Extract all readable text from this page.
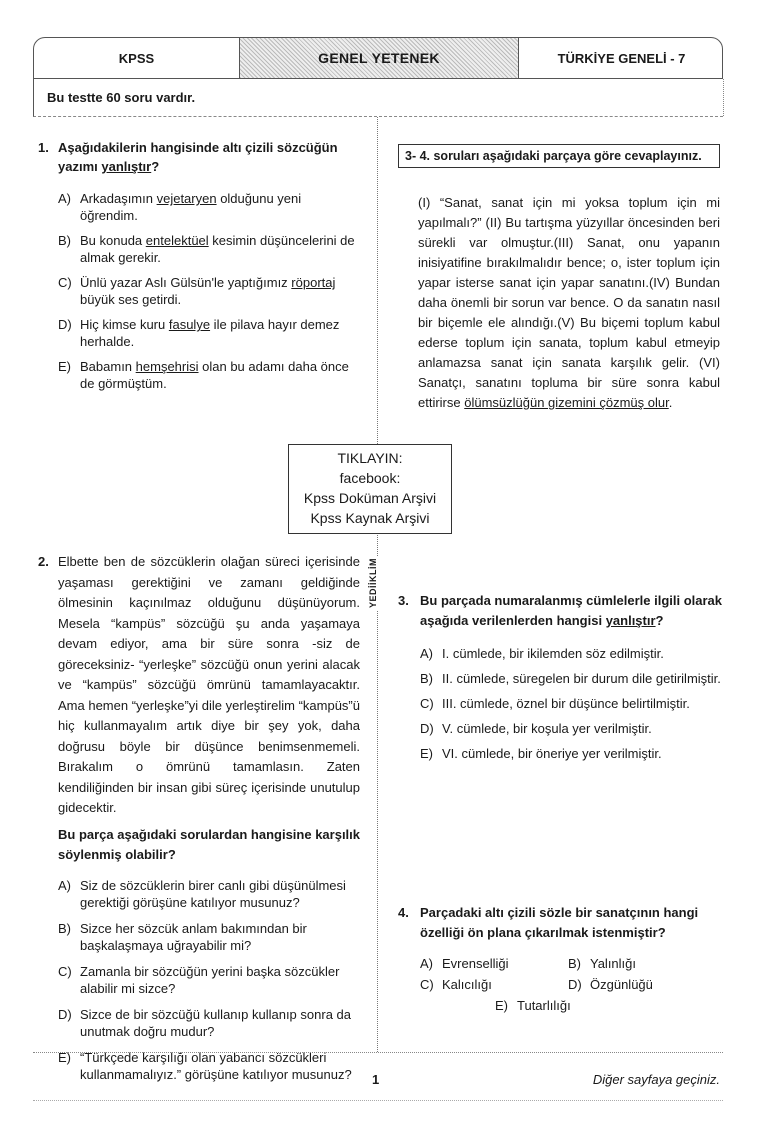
KPSS	GENEL YETENEK	TÜRKİYE GENELİ - 7
Bu testte 60 soru vardır.
1. Aşağıdakilerin hangisinde altı çizili sözcüğün yazımı yanlıştır?

A) Arkadaşımın vejetaryen olduğunu yeni öğrendim.
B) Bu konuda entelektüel kesimin düşüncelerini de almak gerekir.
C) Ünlü yazar Aslı Gülsün'le yaptığımız röportaj büyük ses getirdi.
D) Hiç kimse kuru fasulye ile pilava hayır demez herhalde.
E) Babamın hemşehrisi olan bu adamı daha önce de görmüştüm.
3- 4. soruları aşağıdaki parçaya göre cevaplayınız.
(I) “Sanat, sanat için mi yoksa toplum için mi yapılmalı?” (II) Bu tartışma yüzyıllar öncesinden beri sürekli var olmuştur.(III) Sanat, onu yapanın inisiyatifine bırakılmalıdır bence; o, ister toplum için yapar isterse sanat için yapar sanatını.(IV) Bundan daha önemli bir sorun var bence. O da sanatın nasıl bir biçemle ele alındığı.(V) Bu biçemi toplum kabul ederse toplum için sanata, toplum kabul etmeyip anlamazsa sanat için sanata karşılık gelir. (VI) Sanatçı, sanatını topluma bir süre sonra kabul ettirirse ölümsüzlüğün gizemini çözmüş olur.
TIKLAYIN:
facebook:
Kpss Doküman Arşivi
Kpss Kaynak Arşivi
YEDİİKLİM
2. Elbette ben de sözcüklerin olağan süreci içerisinde yaşaması gerektiğini ve zamanı geldiğinde ölmesinin kaçınılmaz olduğunu düşünüyorum. Mesela “kampüs” sözcüğü şu anda yaşamaya devam ediyor, ama bir süre sonra -siz de göreceksiniz- “yerleşke” sözcüğü onun yerini alacak ve “kampüs” sözcüğü ömrünü tamamlayacaktır. Ama hemen “yerleşke”yi dile yerleştirelim “kampüs”ü hiç kullanmayalım artık diye bir şey yok, daha doğrusu böyle bir düşünce benimsenmemeli. Bırakalım o ömrünü tamamlasın. Zaten kendiliğinden bir insan gibi süreç içerisinde unutulup gidecektir.

Bu parça aşağıdaki sorulardan hangisine karşılık söylenmiş olabilir?

A) Siz de sözcüklerin birer canlı gibi düşünülmesi gerektiği görüşüne katılıyor musunuz?
B) Sizce her sözcük anlam bakımından bir başkalaşmaya uğrayabilir mi?
C) Zamanla bir sözcüğün yerini başka sözcükler alabilir mi sizce?
D) Sizce de bir sözcüğü kullanıp kullanıp sonra da unutmak doğru mudur?
E) “Türkçede karşılığı olan yabancı sözcükleri kullanmamalıyız.” görüşüne katılıyor musunuz?
3. Bu parçada numaralanmış cümlelerle ilgili olarak aşağıda verilenlerden hangisi yanlıştır?

A) I. cümlede, bir ikilemden söz edilmiştir.
B) II. cümlede, süregelen bir durum dile getirilmiştir.
C) III. cümlede, öznel bir düşünce belirtilmiştir.
D) V. cümlede, bir koşula yer verilmiştir.
E) VI. cümlede, bir öneriye yer verilmiştir.
4. Parçadaki altı çizili sözle bir sanatçının hangi özelliği ön plana çıkarılmak istenmiştir?

A) Evrenselliği	B) Yalınlığı
C) Kalıcılığı	D) Özgünlüğü
E) Tutarlılığı
1	Diğer sayfaya geçiniz.
